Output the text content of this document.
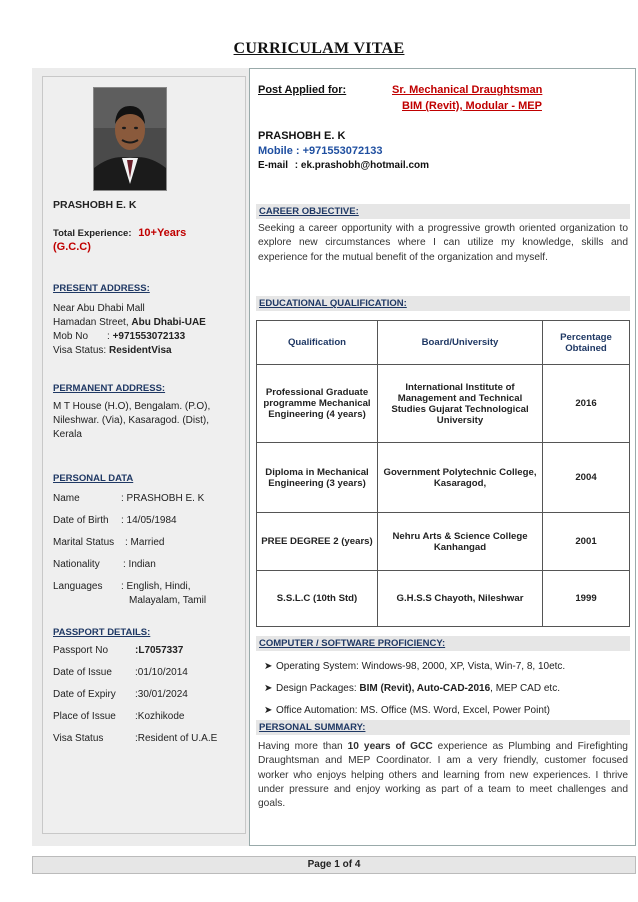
CURRICULAM VITAE
PRASHOBH E. K
Total Experience: 10+Years
(G.C.C)
PRESENT ADDRESS:
Near Abu Dhabi Mall
Hamadan Street, Abu Dhabi-UAE
Mob No : +971553072133
Visa Status: ResidentVisa
PERMANENT ADDRESS:
M T House (H.O), Bengalam. (P.O),
Nileshwar. (Via), Kasaragod. (Dist),
Kerala
PERSONAL DATA
Name	: PRASHOBH E. K
Date of Birth : 14/05/1984
Marital Status : Married
Nationality : Indian
Languages : English, Hindi,
Malayalam, Tamil
PASSPORT DETAILS:
Passport No	:L7057337
Date of Issue :01/10/2014
Date of Expiry :30/01/2024
Place of Issue :Kozhikode
Visa Status	:Resident of U.A.E
Post Applied for:	Sr. Mechanical Draughtsman
BIM (Revit), Modular - MEP
PRASHOBH E. K
Mobile : +971553072133
E-mail : ek.prashobh@hotmail.com
CAREER OBJECTIVE:
Seeking a career opportunity with a progressive growth oriented organization to explore new circumstances where I can utilize my knowledge, skills and experience for the mutual benefit of the organization and myself.
EDUCATIONAL QUALIFICATION:
Qualification	Board/University	Percentage Obtained
Professional Graduate programme Mechanical Engineering (4 years)	International Institute of Management and Technical Studies Gujarat Technological University	2016
Diploma in Mechanical Engineering (3 years)	Government Polytechnic College, Kasaragod,	2004
PREE DEGREE 2 (years)	Nehru Arts & Science College Kanhangad	2001
S.S.L.C (10th Std)	G.H.S.S Chayoth, Nileshwar	1999
COMPUTER / SOFTWARE PROFICIENCY:
➤ Operating System: Windows-98, 2000, XP, Vista, Win-7, 8, 10etc.
➤ Design Packages: BIM (Revit), Auto-CAD-2016, MEP CAD etc.
➤ Office Automation: MS. Office (MS. Word, Excel, Power Point)
PERSONAL SUMMARY:
Having more than 10 years of GCC experience as Plumbing and Firefighting Draughtsman and MEP Coordinator. I am a very friendly, customer focused worker who enjoys helping others and learning from new experiences. I thrive under pressure and enjoy working as part of a team to meet challenges and goals.
Page 1 of 4
